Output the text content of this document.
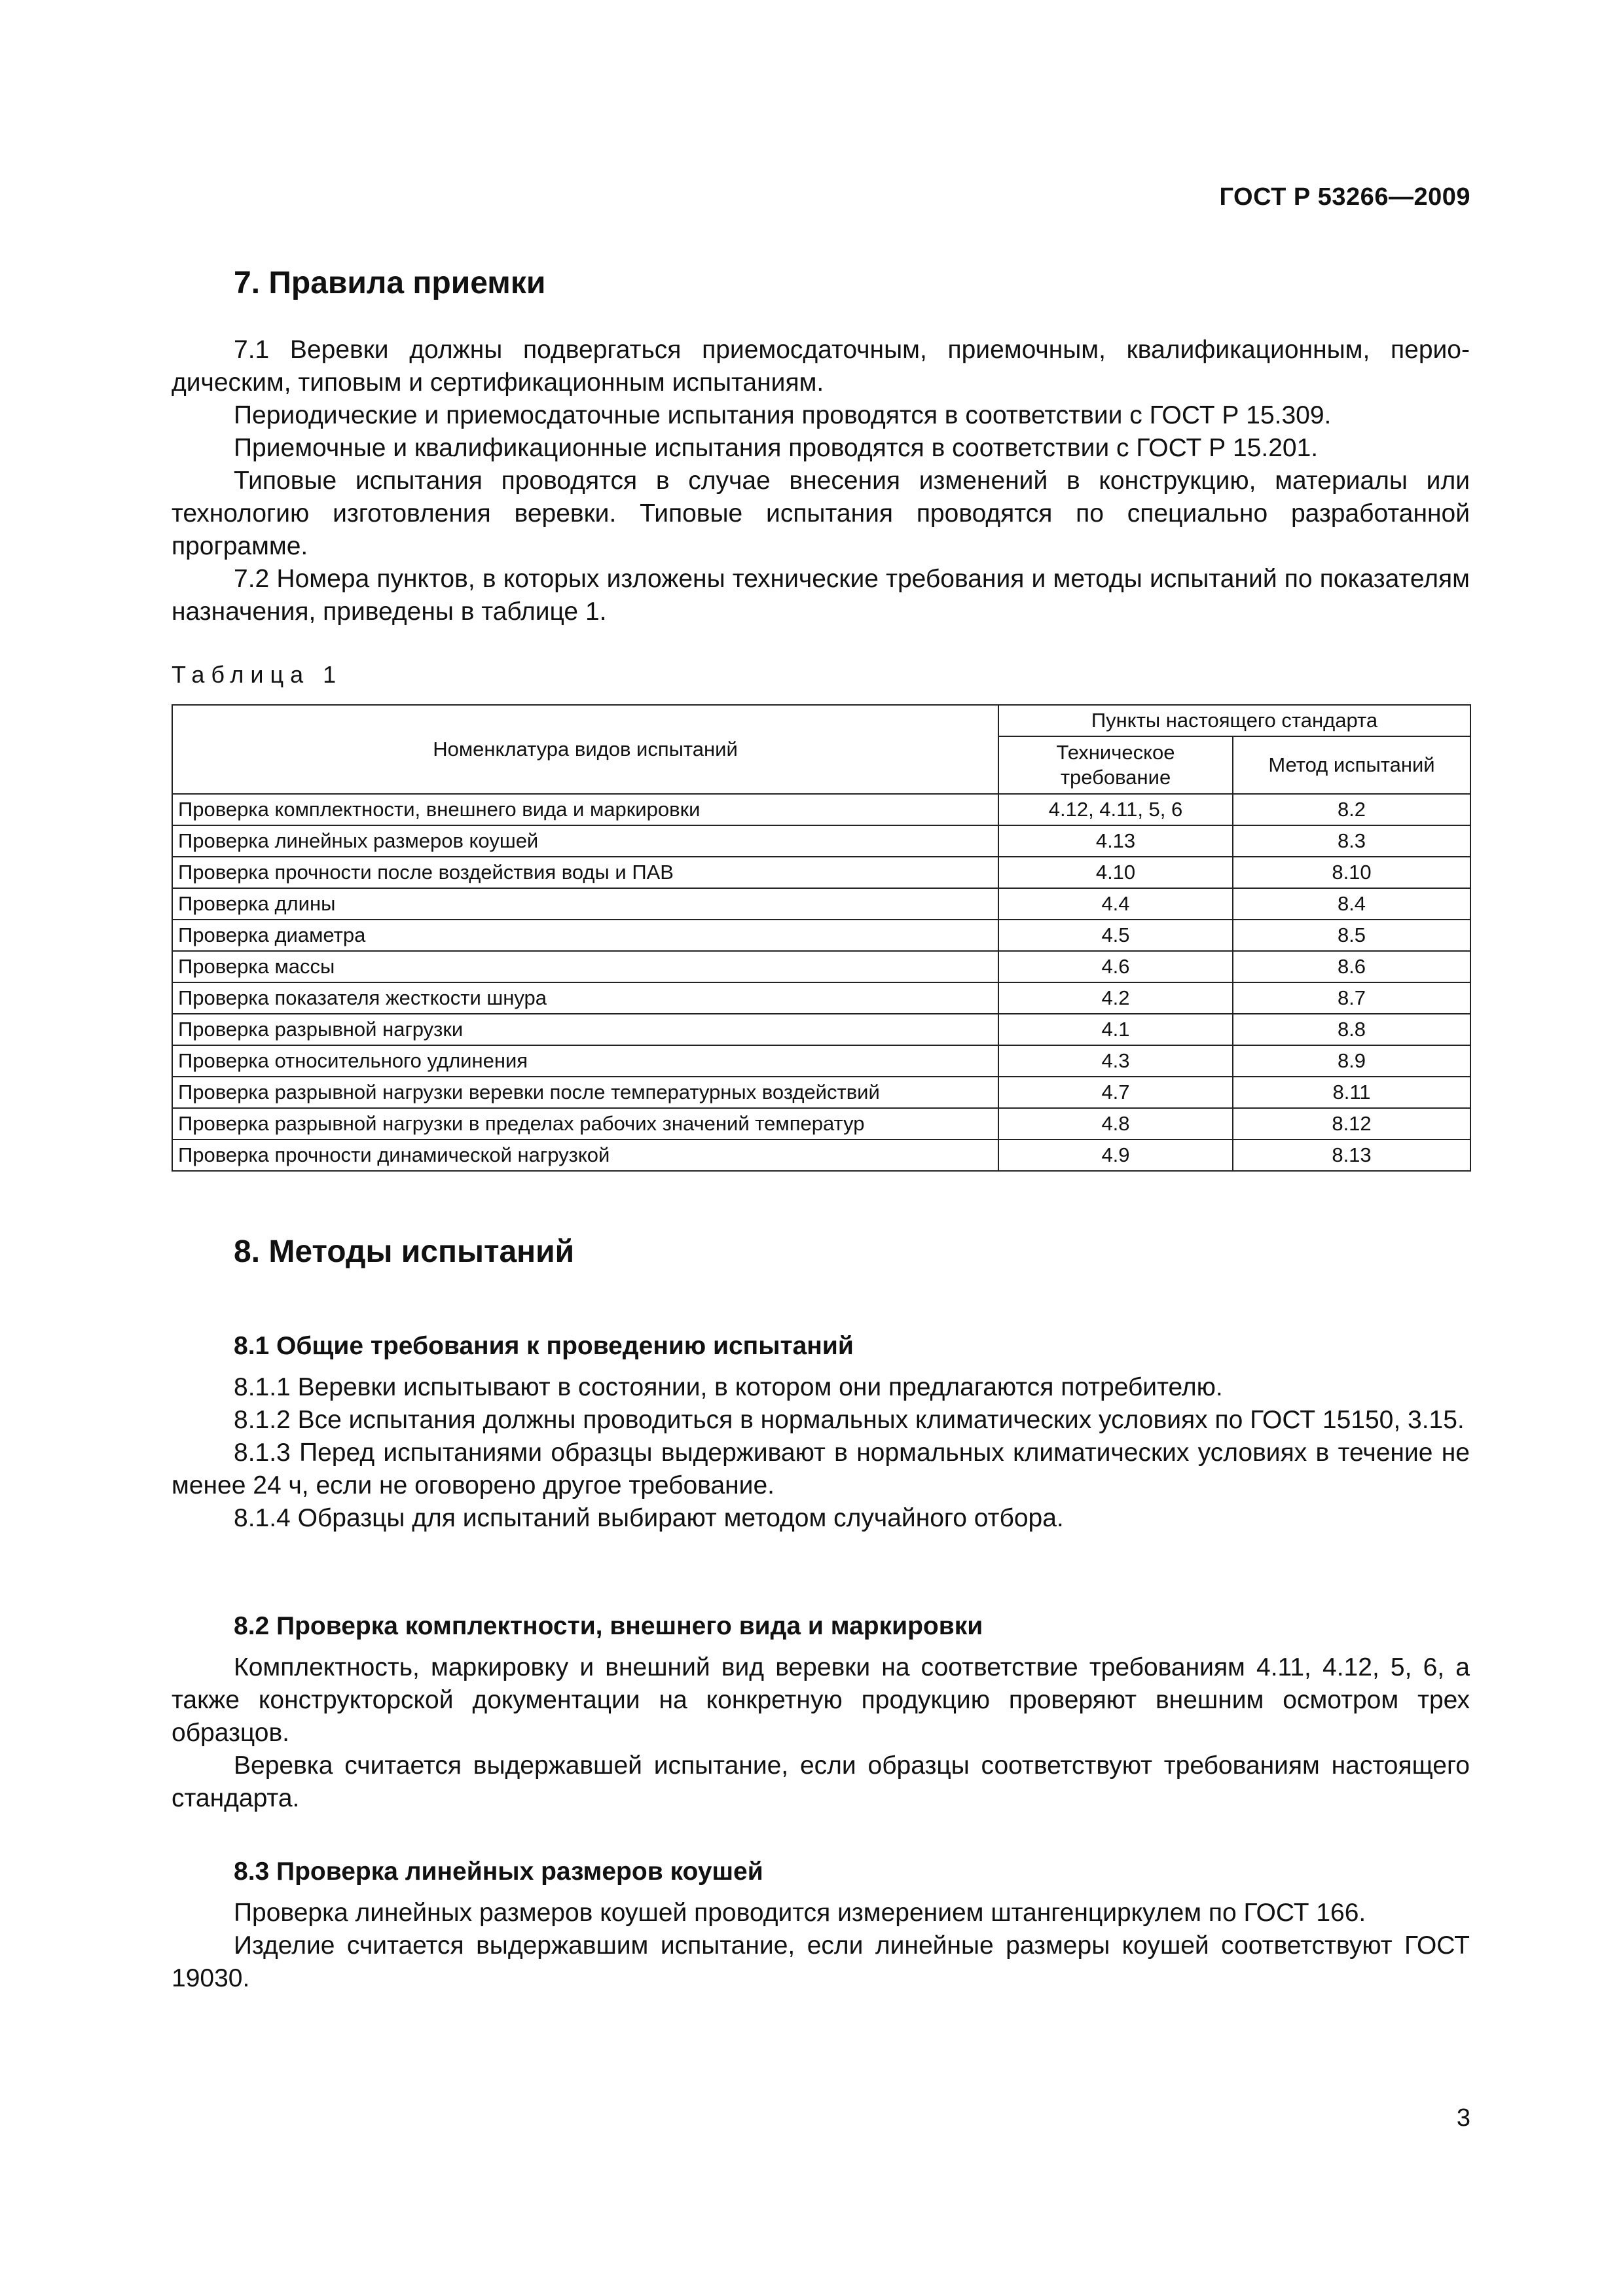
ГОСТ Р 53266—2009
7. Правила приемки

7.1 Веревки должны подвергаться приемосдаточным, приемочным, квалификационным, периодическим, типовым и сертификационным испытаниям.

Периодические и приемосдаточные испытания проводятся в соответствии с ГОСТ Р 15.309.

Приемочные и квалификационные испытания проводятся в соответствии с ГОСТ Р 15.201.

Типовые испытания проводятся в случае внесения изменений в конструкцию, материалы или технологию изготовления веревки. Типовые испытания проводятся по специально разработанной программе.

7.2 Номера пунктов, в которых изложены технические требования и методы испытаний по показателям назначения, приведены в таблице 1.

Таблица 1
Номенклатура видов испытаний	Пункты настоящего стандарта	
	Техническое требование	Метод испытаний
Проверка комплектности, внешнего вида и маркировки	4.12, 4.11, 5, 6	8.2
Проверка линейных размеров коушей	4.13	8.3
Проверка прочности после воздействия воды и ПАВ	4.10	8.10
Проверка длины	4.4	8.4
Проверка диаметра	4.5	8.5
Проверка массы	4.6	8.6
Проверка показателя жесткости шнура	4.2	8.7
Проверка разрывной нагрузки	4.1	8.8
Проверка относительного удлинения	4.3	8.9
Проверка разрывной нагрузки веревки после температурных воздействий	4.7	8.11
Проверка разрывной нагрузки в пределах рабочих значений температур	4.8	8.12
Проверка прочности динамической нагрузкой	4.9	8.13
8. Методы испытаний
8.1 Общие требования к проведению испытаний

8.1.1 Веревки испытывают в состоянии, в котором они предлагаются потребителю.

8.1.2 Все испытания должны проводиться в нормальных климатических условиях по ГОСТ 15150, 3.15.

8.1.3 Перед испытаниями образцы выдерживают в нормальных климатических условиях в течение не менее 24 ч, если не оговорено другое требование.

8.1.4 Образцы для испытаний выбирают методом случайного отбора.

8.2 Проверка комплектности, внешнего вида и маркировки

Комплектность, маркировку и внешний вид веревки на соответствие требованиям 4.11, 4.12, 5, 6, а также конструкторской документации на конкретную продукцию проверяют внешним осмотром трех образцов.

Веревка считается выдержавшей испытание, если образцы соответствуют требованиям настоящего стандарта.

8.3 Проверка линейных размеров коушей

Проверка линейных размеров коушей проводится измерением штангенциркулем по ГОСТ 166.

Изделие считается выдержавшим испытание, если линейные размеры коушей соответствуют ГОСТ 19030.

3
